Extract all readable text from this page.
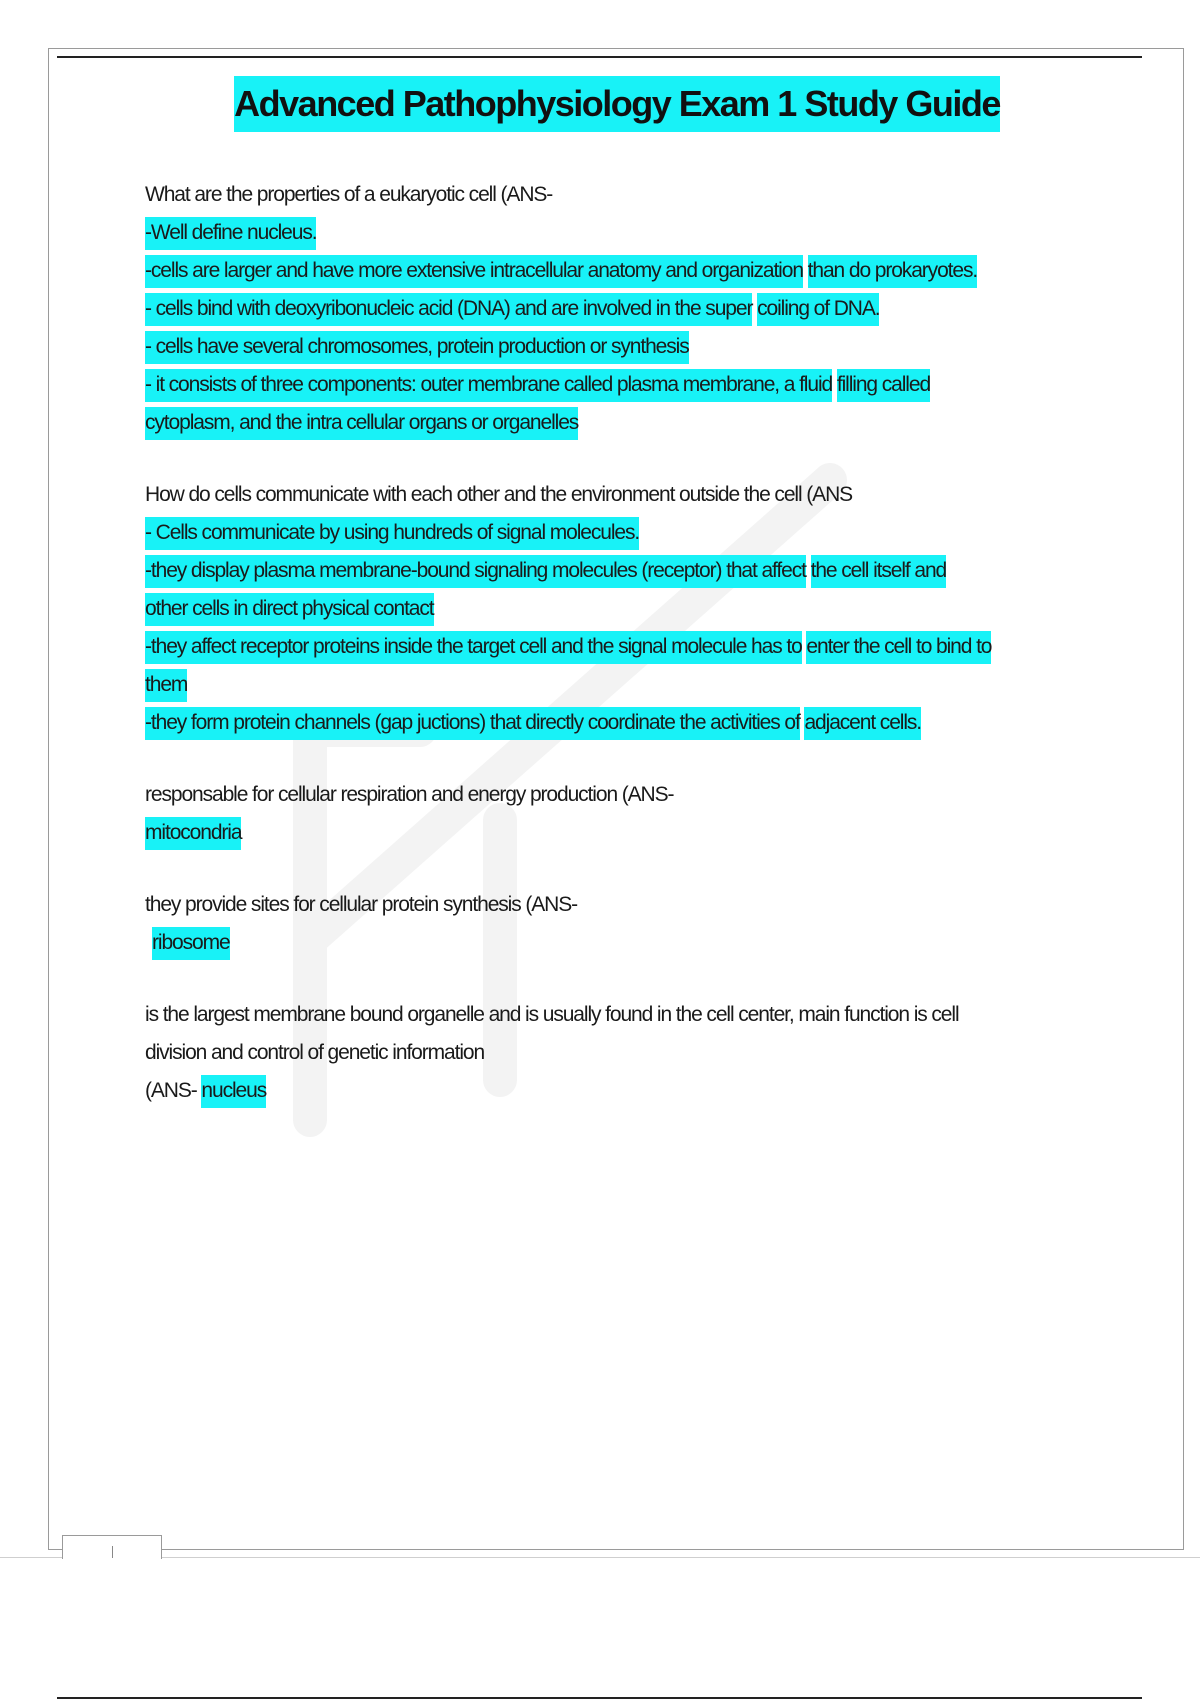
Advanced Pathophysiology Exam 1 Study Guide
What are the properties of a eukaryotic cell (ANS-
-Well define nucleus.
-cells are larger and have more extensive intracellular anatomy and organization than do prokaryotes.
- cells bind with deoxyribonucleic acid (DNA) and are involved in the super coiling of DNA.
- cells have several chromosomes, protein production or synthesis
- it consists of three components: outer membrane called plasma membrane, a fluid filling called
cytoplasm, and the intra cellular organs or organelles
How do cells communicate with each other and the environment outside the cell (ANS
- Cells communicate by using hundreds of signal molecules.
-they display plasma membrane-bound signaling molecules (receptor) that affect the cell itself and
other cells in direct physical contact
-they affect receptor proteins inside the target cell and the signal molecule has to enter the cell to bind to
them
-they form protein channels (gap juctions) that directly coordinate the activities of adjacent cells.
responsable for cellular respiration and energy production (ANS-
mitocondria
they provide sites for cellular protein synthesis (ANS-
ribosome
is the largest membrane bound organelle and is usually found in the cell center, main function is cell
division and control of genetic information
(ANS- nucleus
